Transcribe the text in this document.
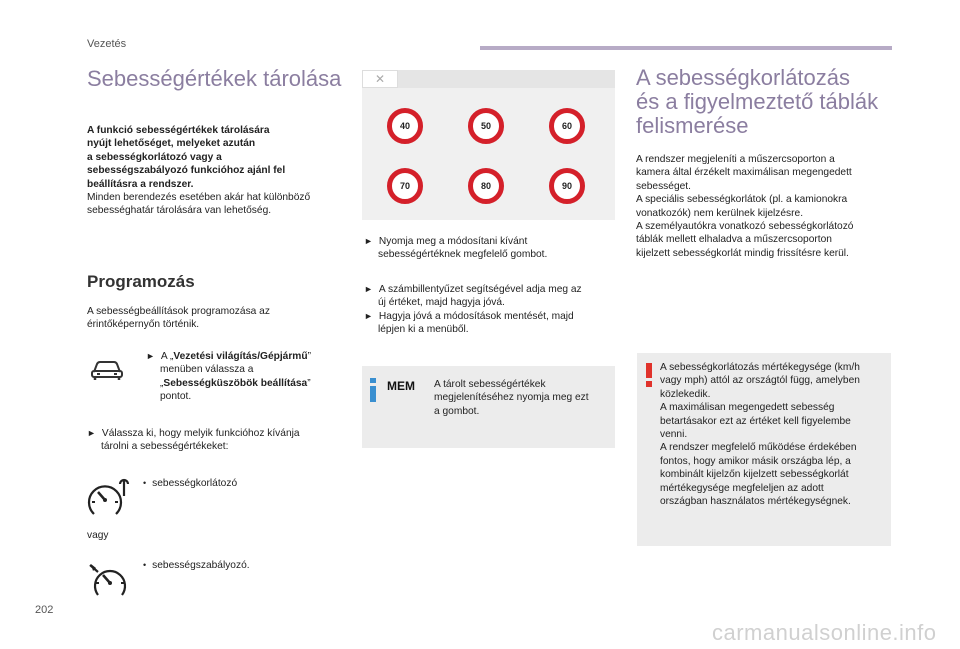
Vezetés
Sebességértékek tárolása
A funkció sebességértékek tárolására
nyújt lehetőséget, melyeket azután
a sebességkorlátozó vagy a
sebességszabályozó funkcióhoz ajánl fel
beállításra a rendszer.
Minden berendezés esetében akár hat különböző
sebességhatár tárolására van lehetőség.
Programozás
A sebességbeállítások programozása az
érintőképernyőn történik.
► A „Vezetési világítás/Gépjármű”
menüben válassza a
„Sebességküszöbök beállítása”
pontot.
► Válassza ki, hogy melyik funkcióhoz kívánja
tárolni a sebességértékeket:
• sebességkorlátozó
vagy
• sebességszabályozó.
✕
40	50	60
70	80	90
► Nyomja meg a módosítani kívánt
sebességértéknek megfelelő gombot.
► A számbillentyűzet segítségével adja meg az
új értéket, majd hagyja jóvá.
► Hagyja jóvá a módosítások mentését, majd
lépjen ki a menüből.
MEM A tárolt sebességértékek
megjelenítéséhez nyomja meg ezt
a gombot.
A sebességkorlátozás
és a figyelmeztető táblák
felismerése
A rendszer megjeleníti a műszercsoporton a
kamera által érzékelt maximálisan megengedett
sebességet.
A speciális sebességkorlátok (pl. a kamionokra
vonatkozók) nem kerülnek kijelzésre.
A személyautókra vonatkozó sebességkorlátozó
táblák mellett elhaladva a műszercsoporton
kijelzett sebességkorlát mindig frissítésre kerül.
A sebességkorlátozás mértékegysége (km/h
vagy mph) attól az országtól függ, amelyben
közlekedik.
A maximálisan megengedett sebesség
betartásakor ezt az értéket kell figyelembe
venni.
A rendszer megfelelő működése érdekében
fontos, hogy amikor másik országba lép, a
kombinált kijelzőn kijelzett sebességkorlát
mértékegysége megfeleljen az adott
országban használatos mértékegységnek.
202
carmanualsonline.info
